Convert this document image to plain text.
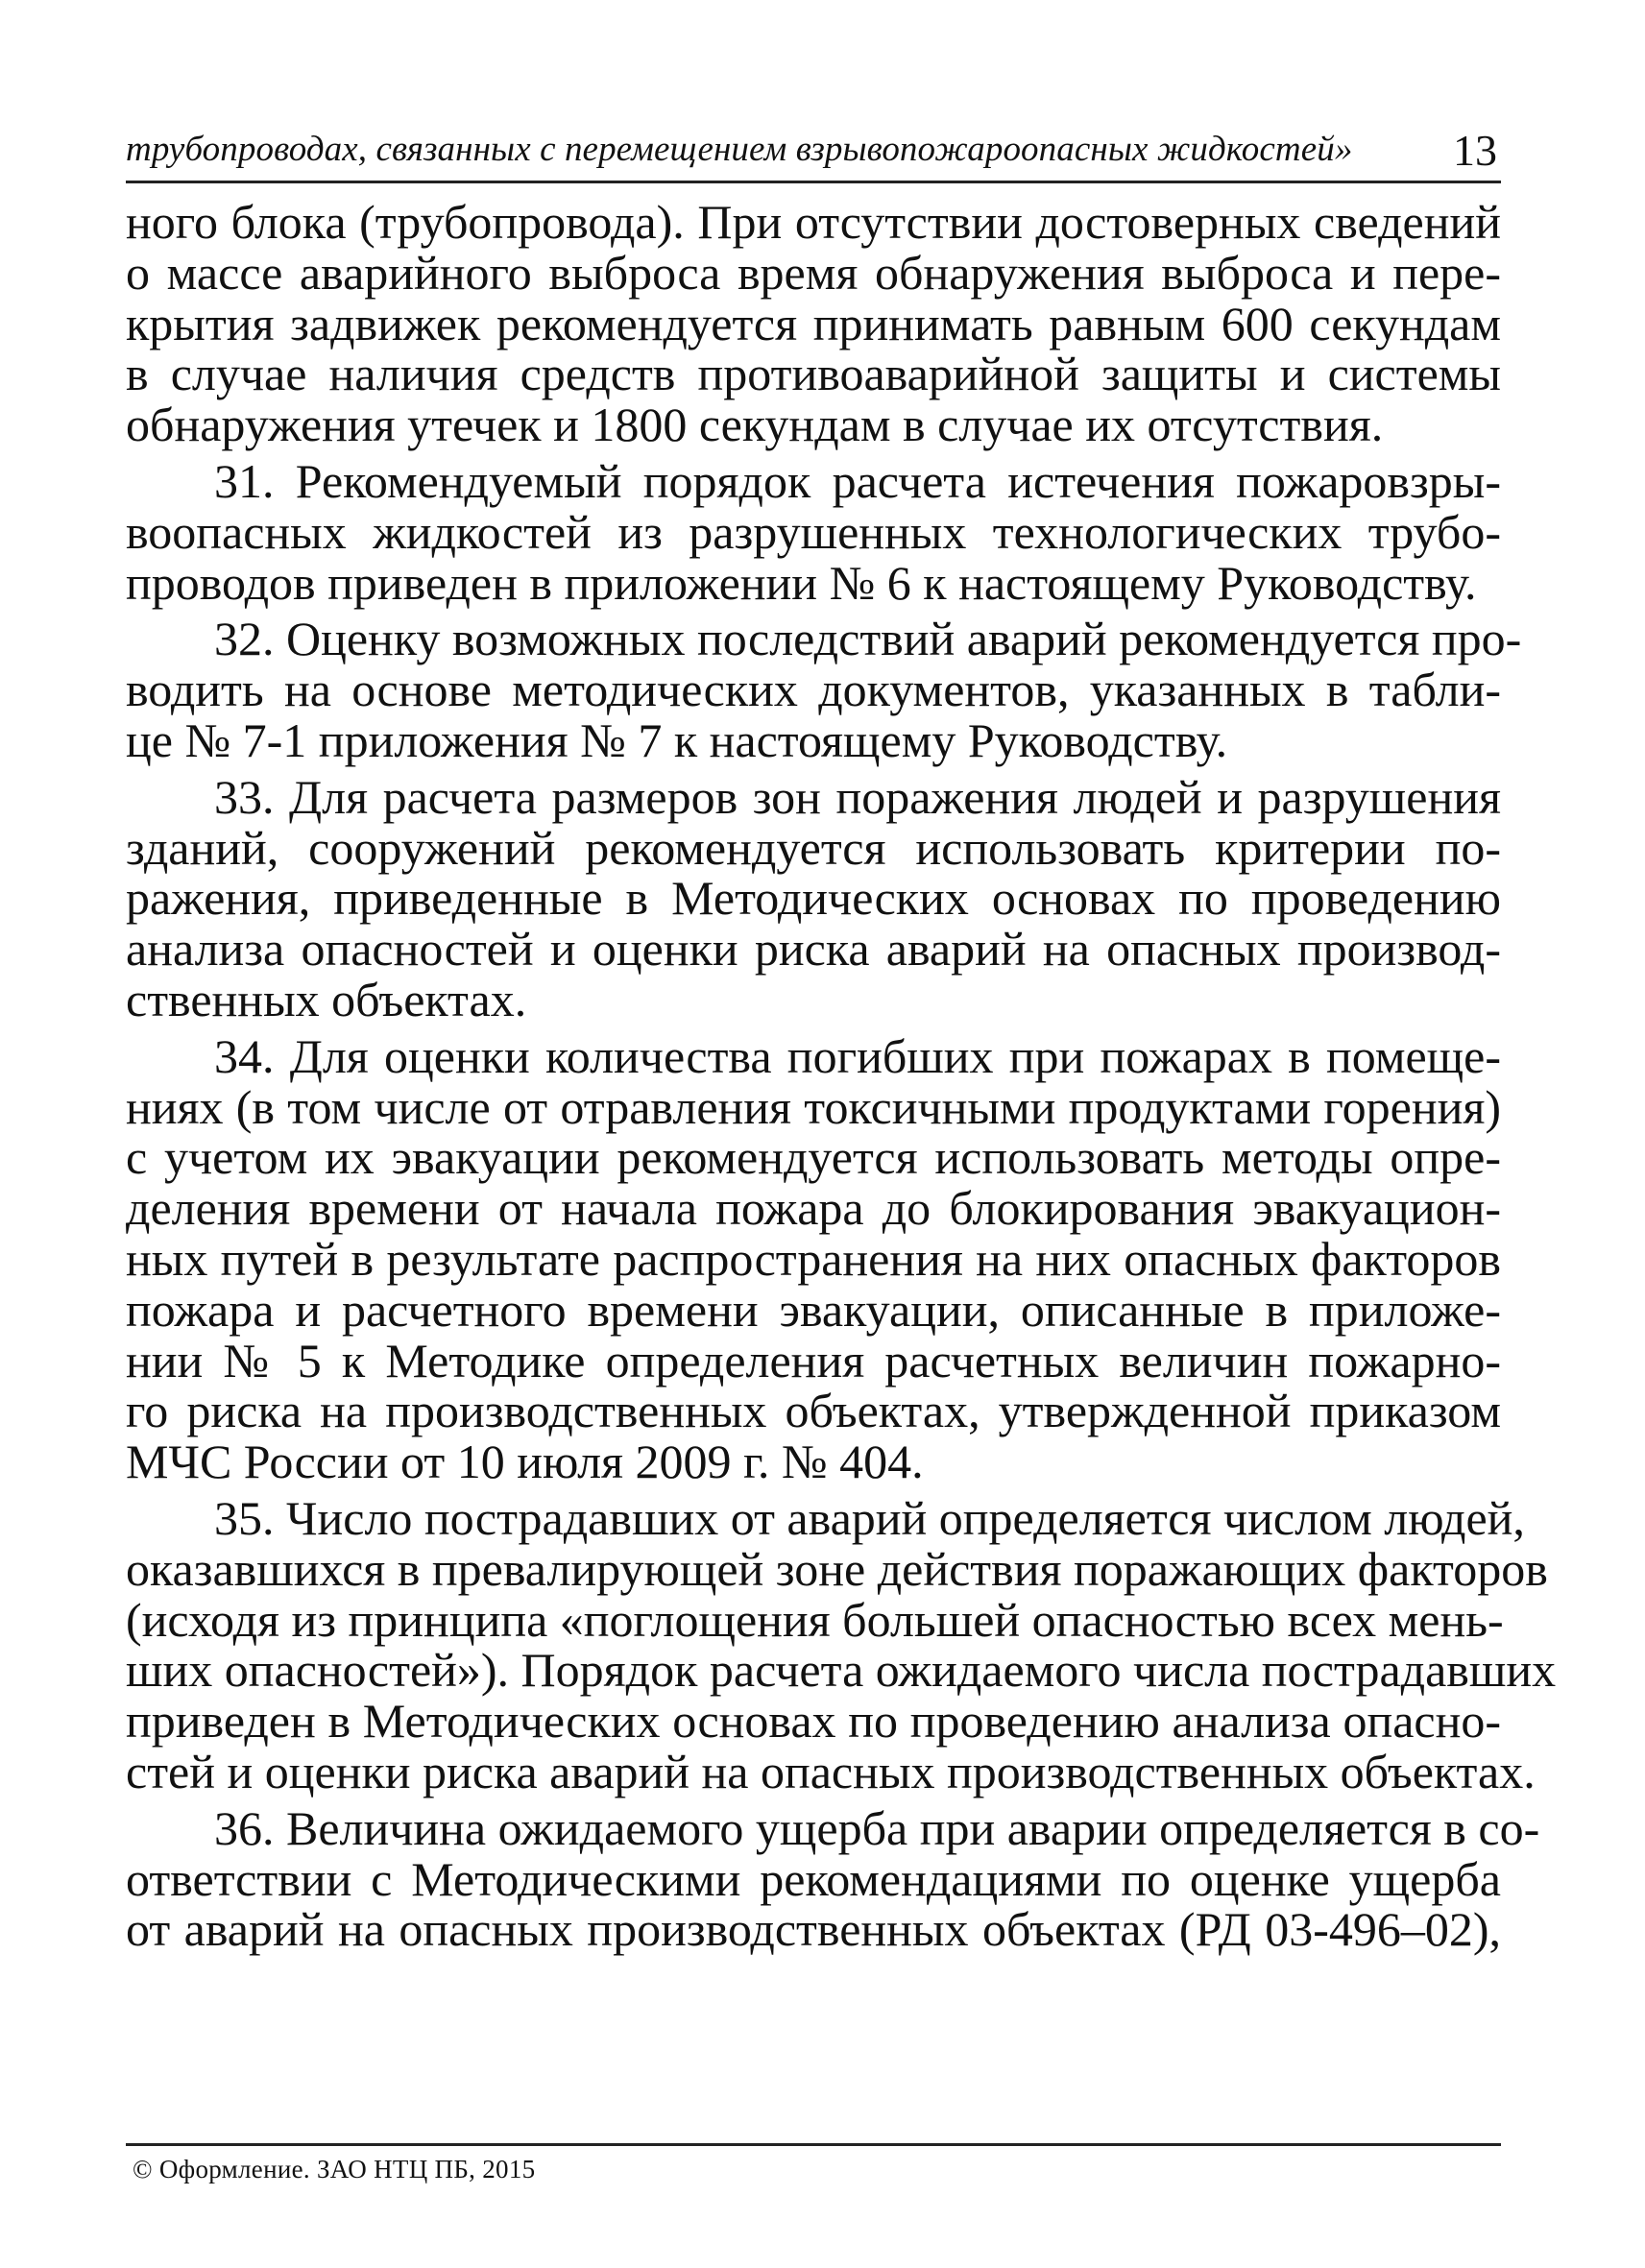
трубопроводах, связанных с перемещением взрывопожароопасных жидкостей» 13
ного блока (трубопровода). При отсутствии достоверных сведений
о массе аварийного выброса время обнаружения выброса и пере-
крытия задвижек рекомендуется принимать равным 600 секундам
в случае наличия средств противоаварийной защиты и системы
обнаружения утечек и 1800 секундам в случае их отсутствия.
31. Рекомендуемый порядок расчета истечения пожаровзры-
воопасных жидкостей из разрушенных технологических трубо-
проводов приведен в приложении № 6 к настоящему Руководству.
32. Оценку возможных последствий аварий рекомендуется про-
водить на основе методических документов, указанных в табли-
це № 7-1 приложения № 7 к настоящему Руководству.
33. Для расчета размеров зон поражения людей и разрушения
зданий, сооружений рекомендуется использовать критерии по-
ражения, приведенные в Методических основах по проведению
анализа опасностей и оценки риска аварий на опасных производ-
ственных объектах.
34. Для оценки количества погибших при пожарах в помеще-
ниях (в том числе от отравления токсичными продуктами горения)
с учетом их эвакуации рекомендуется использовать методы опре-
деления времени от начала пожара до блокирования эвакуацион-
ных путей в результате распространения на них опасных факторов
пожара и расчетного времени эвакуации, описанные в приложе-
нии № 5 к Методике определения расчетных величин пожарно-
го риска на производственных объектах, утвержденной приказом
МЧС России от 10 июля 2009 г. № 404.
35. Число пострадавших от аварий определяется числом людей,
оказавшихся в превалирующей зоне действия поражающих факторов
(исходя из принципа «поглощения большей опасностью всех мень-
ших опасностей»). Порядок расчета ожидаемого числа пострадавших
приведен в Методических основах по проведению анализа опасно-
стей и оценки риска аварий на опасных производственных объектах.
36. Величина ожидаемого ущерба при аварии определяется в со-
ответствии с Методическими рекомендациями по оценке ущерба
от аварий на опасных производственных объектах (РД 03-496–02),
© Оформление. ЗАО НТЦ ПБ, 2015
